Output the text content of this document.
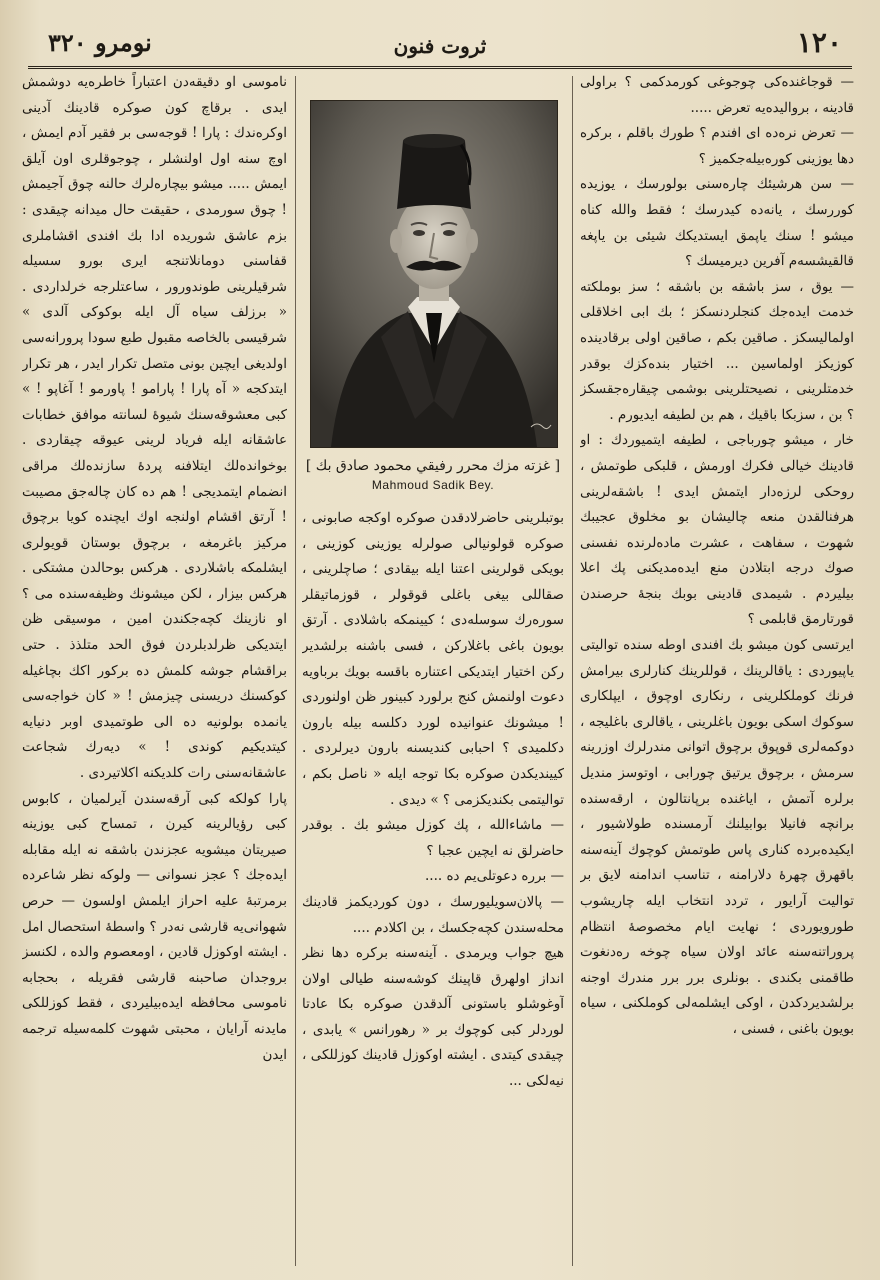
نومرو ٣٢٠	ثروت فنون	١٢٠

— قوجاغنده‌كى چوجوغى كورمدكمى ؟ براولى قادينه ، برواليده‌يه تعرض .....

— تعرض نره‌ده اى افندم ؟ طورك باقلم ، بركره دها يوزينى كوره‌بيله‌جكميز ؟

— سن هرشيئك چاره‌سنى بولورسك ، يوزيده كوررسك ، يانه‌ده كيدرسك ؛ فقط والله كناه ميشو ! سنك ياپمق ايستديكك شيئى بن ياپغه قالقيشسه‌م آفرين ديرميسك ؟

— يوق ، سز باشقه بن باشقه ؛ سز بوملكته خدمت ايده‌جك كنجلردنسكز ؛ بك ابى اخلاقلى اولماليسكز . صاقين بكم ، صاقين اولى برقادينده كوزيكز اولماسين ... اختيار بنده‌كزك بوقدر خدمتلرينى ، نصيحتلرينى بوشمى چيقاره‌جقسكز ؟ بن ، سزبكا باقيك ، هم بن لطيفه ايديورم .

خار ، ميشو چورباجى ، لطيفه ايتميوردك : او قادينك خيالى فكرك اورمش ، قلبكى طوتمش ، روحكى لرزه‌دار ايتمش ايدى ! باشقه‌لرينى هرفنالقدن منعه چاليشان بو مخلوق عجيبك شهوت ، سفاهت ، عشرت ماده‌لرنده نفسنى صوك درجه ابتلادن منع ايده‌مديكنى پك اعلا بيليردم . شيمدى قادينى بوبك بنجهٔ حرصندن قورتارمق قابلمى ؟

ايرتسى كون ميشو بك افندى اوطه سنده تواليتى ياپيوردى : ياقالرينك ، قوللرينك كنارلرى بيرامش فرنك كوملكلرينى ، رنكارى اوچوق ، ايپلكارى سوكوك اسكى بويون باغلرينى ، ياقالرى باغليجه ، دوكمه‌لرى قوپوق برچوق اتوانى مندرلرك اوزرينه سرمش ، برچوق يرتيق چورابى ، اوتوسز منديل برلره آتمش ، اياغنده برپانتالون ، ارقه‌سنده برانچه فانيلا بوابيلنك آرمسنده طولاشيور ، ايكيده‌برده كنارى پاس طوتمش كوچوك آينه‌سنه باقهرق چهرهٔ دلارامنه ، تناسب اندامنه لايق بر تواليت آرايور ، تردد انتخاب ايله چاريشوب طورويوردى ؛ نهايت ايام مخصوصهٔ انتظام پروراتنه‌سنه عائد اولان سياه چوخه ره‌دنغوت طاقمنى بكندى . بونلرى برر برر مندرك اوجنه برلشديردكدن ، اوكى ايشلمه‌لى كوملكنى ، سياه بويون باغنى ، فسنى ،

[ غزته مزك محرر رفيقي محمود صادق بك ]
Mahmoud Sadik Bey.

بوتبلرينى حاضرلادقدن صوكره اوكجه صابونى ، صوكره قولونيالى صولرله يوزينى كوزينى ، بويكى قولرينى اعتنا ايله بيقادى ؛ صاچلرينى ، صقاللى بيغى باغلى قوقولر ، قوزماتيقلر سوره‌رك سوسله‌دى ؛ كيينمكه باشلادى . آرتق بويون باغى باغلاركن ، فسى باشنه برلشدير ركن اختيار ايتديكى اعتناره باقسه بويك برباويه دعوت اولنمش كنج برلورد كبينور ظن اولنوردى ! ميشونك عنوانيده لورد دكلسه بيله بارون دكلميدى ؟ احبابى كنديسنه بارون ديرلردى . كيينديكدن صوكره بكا توجه ايله « ناصل بكم ، تواليتمى بكنديكزمى ؟ » ديدى .

— ماشاءالله ، پك كوزل ميشو بك . بوقدر حاضرلق نه ايچين عجبا ؟

— برره دعوتلى‌يم ده ....

— پالان‌سويليورسك ، دون كورديكمز قادينك محله‌سندن كچه‌جكسك ، بن اكلادم ....

هيچ جواب ويرمدى . آينه‌سنه بركره دها نظر انداز اولهرق قاپينك كوشه‌سنه طيالى اولان آوغوشلو باستونى آلدقدن صوكره بكا عادتا لوردلر كبى كوچوك بر « رهورانس » يابدى ، چيقدى كيتدى . ايشته اوكوزل قادينك كوزللكى ، نيه‌لكى ...

ناموسى او دقيقه‌دن اعتباراً خاطره‌يه دوشمش ايدى . برقاچ كون صوكره قادينك آدينى اوكره‌ندك : پارا ! قوجه‌سى بر فقير آدم ايمش ، اوچ سنه اول اولنشلر ، چوجوقلرى اون آيلق ايمش ..... ميشو بيچاره‌لرك حالنه چوق آجيمش ! چوق سورمدى ، حقيقت حال ميدانه چيقدى : بزم عاشق شوريده ادا بك افندى اقشاملرى قفاسنى دومانلاتنجه ايرى بورو سسيله شرقيلرينى طوندورور ، ساعتلرجه خرلداردى . « برزلف سياه آل ايله بوكوكى آلدى » شرقيسى بالخاصه مقبول طبع سودا پرورانه‌سى اولديغى ايچين بونى متصل تكرار ايدر ، هر تكرار ايتدكجه « آه پارا ! پارامو ! پاورمو ! آغاپو ! » كبى معشوقه‌سنك شيوهٔ لسانته موافق خطابات عاشقانه ايله فرياد لرينى عيوقه چيقاردى . بوخوانده‌لك ايتلافنه پردهٔ سازنده‌لك مراقى انضمام ايتمديجى ! هم ده كان چاله‌جق مصيبت ! آرتق اقشام اولنجه اوك ايچنده كويا برچوق مركيز باغرمغه ، برچوق بوستان قويولرى ايشلمكه باشلاردى . هركس بوحالدن مشتكى . هركس بيزار ، لكن ميشونك وظيفه‌سنده مى ؟ او نازينك كچه‌جكندن امين ، موسيقى ظن ايتديكى ظرلدبلردن فوق الحد متلذذ . حتى براقشام جوشه كلمش ده بركور اكك بچاغيله كوكسنك دريسنى چيزمش ! « كان خواجه‌سى يانمده بولونيه ده الى طوتميدى اوبر دنيايه كيتديكيم كوندى ! » ديه‌رك شجاعت عاشقانه‌سنى رات كلديكنه اكلاتيردى .

پارا كولكه كبى آرقه‌سندن آيرلميان ، كابوس كبى رؤيالرينه كيرن ، تمساح كبى يوزينه صيريتان ميشويه عجزندن باشقه نه ايله مقابله ايده‌جك ؟ عجز نسوانى — ولوكه نظر شاعرده برمرتبهٔ عليه احراز ايلمش اولسون — حرص شهوانى‌يه قارشى نه‌در ؟ واسطهٔ استحصال امل . ايشته اوكوزل قادين ، اومعصوم والده ، لكنسز بروجدان صاحبنه قارشى فقريله ، بحجابه ناموسى محافظه ايده‌بيليردى ، فقط كوزللكى مايدنه آرايان ، محبتى شهوت كلمه‌سيله ترجمه ايدن
